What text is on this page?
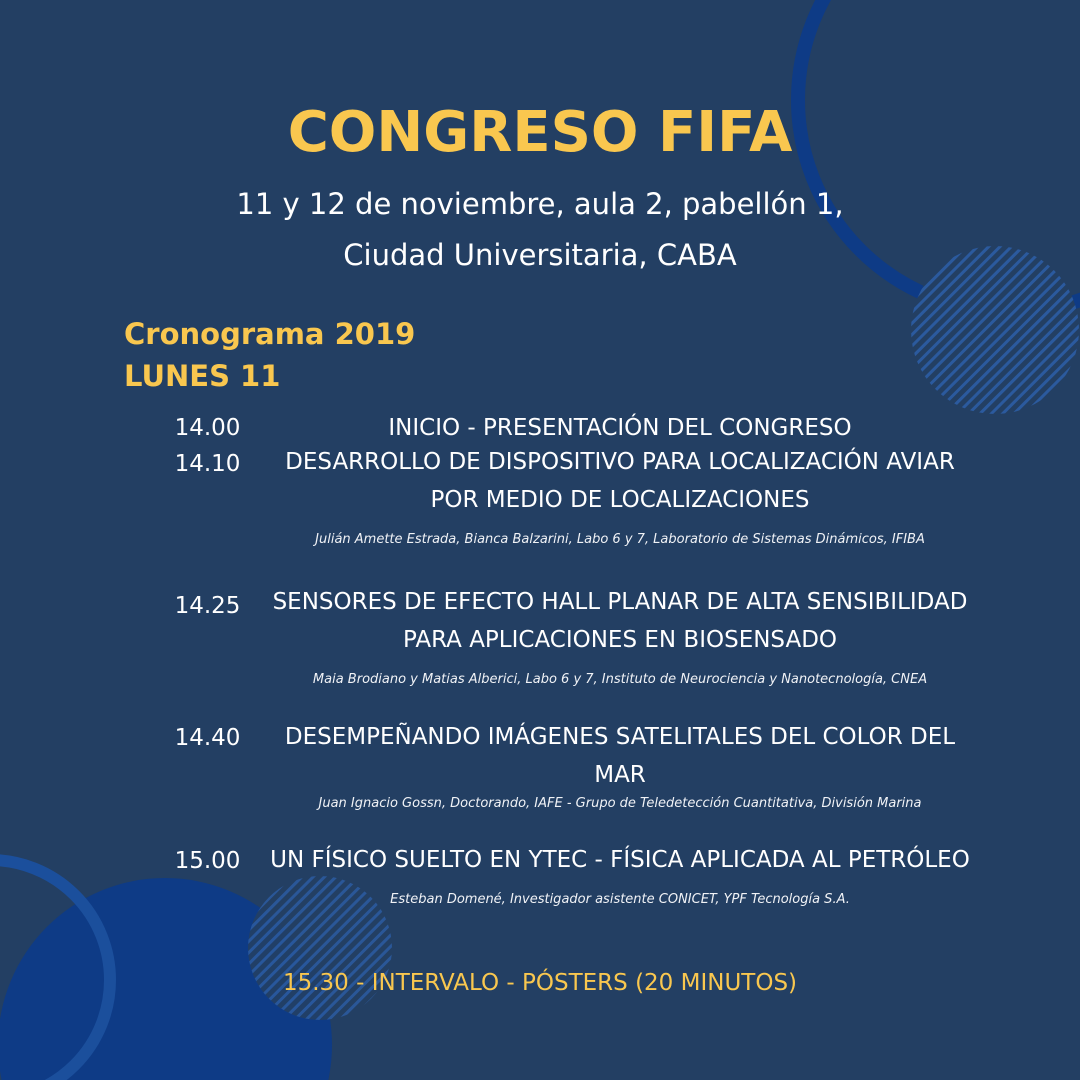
CONGRESO FIFA
11 y 12 de noviembre, aula 2, pabellón 1,
Ciudad Universitaria, CABA
Cronograma 2019
LUNES 11
14.00	INICIO - PRESENTACIÓN DEL CONGRESO
14.10	DESARROLLO DE DISPOSITIVO PARA LOCALIZACIÓN AVIAR
POR MEDIO DE LOCALIZACIONES
Julián Amette Estrada, Bianca Balzarini, Labo 6 y 7, Laboratorio de Sistemas Dinámicos, IFIBA
14.25	SENSORES DE EFECTO HALL PLANAR DE ALTA SENSIBILIDAD
PARA APLICACIONES EN BIOSENSADO
Maia Brodiano y Matias Alberici, Labo 6 y 7, Instituto de Neurociencia y Nanotecnología, CNEA
14.40	DESEMPEÑANDO IMÁGENES SATELITALES DEL COLOR DEL
MAR
Juan Ignacio Gossn, Doctorando, IAFE - Grupo de Teledetección Cuantitativa, División Marina
15.00	UN FÍSICO SUELTO EN YTEC - FÍSICA APLICADA AL PETRÓLEO
Esteban Domené, Investigador asistente CONICET, YPF Tecnología S.A.
15.30 - INTERVALO - PÓSTERS (20 MINUTOS)
